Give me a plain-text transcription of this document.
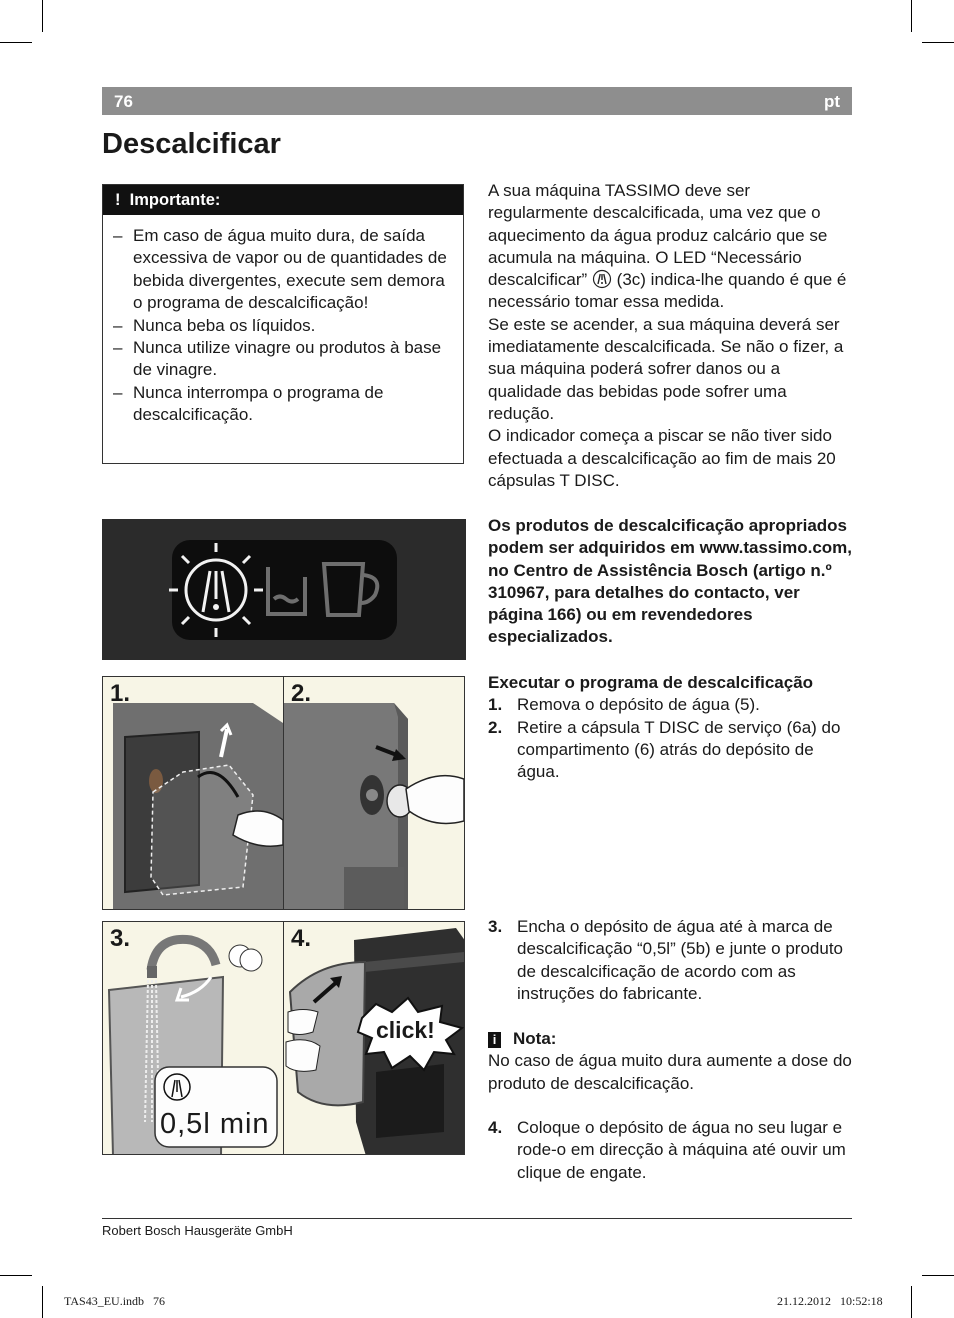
76	pt
Descalcificar
! Importante:
– Em caso de água muito dura, de saída excessiva de vapor ou de quantidades de bebida divergentes, execute sem demora o programa de descalcificação!
– Nunca beba os líquidos.
– Nunca utilize vinagre ou produtos à base de vinagre.
– Nunca interrompa o programa de descalcificação.
A sua máquina TASSIMO deve ser regularmente descalcificada, uma vez que o aquecimento da água produz calcário que se acumula na máquina. O LED “Necessário descalcificar” (3c) indica-lhe quando é que é necessário tomar essa medida.
Se este se acender, a sua máquina deverá ser imediatamente descalcificada. Se não o fizer, a sua máquina poderá sofrer danos ou a qualidade das bebidas pode sofrer uma redução.
O indicador começa a piscar se não tiver sido efectuada a descalcificação ao fim de mais 20 cápsulas T DISC.
Os produtos de descalcificação apropriados podem ser adquiridos em www.tassimo.com, no Centro de Assistência Bosch (artigo n.º 310967, para detalhes do contacto, ver página 166) ou em revendedores especializados.
Executar o programa de descalcificação
1. Remova o depósito de água (5).
2. Retire a cápsula T DISC de serviço (6a) do compartimento (6) atrás do depósito de água.
3. Encha o depósito de água até à marca de descalcificação “0,5l” (5b) e junte o produto de descalcificação de acordo com as instruções do fabricante.
i Nota:
No caso de água muito dura aumente a dose do produto de descalcificação.
4. Coloque o depósito de água no seu lugar e rode-o em direcção à máquina até ouvir um clique de engate.
1.	2.
3.
0,5l min
4.
click!
Robert Bosch Hausgeräte GmbH
TAS43_EU.indb   76	21.12.2012   10:52:18
